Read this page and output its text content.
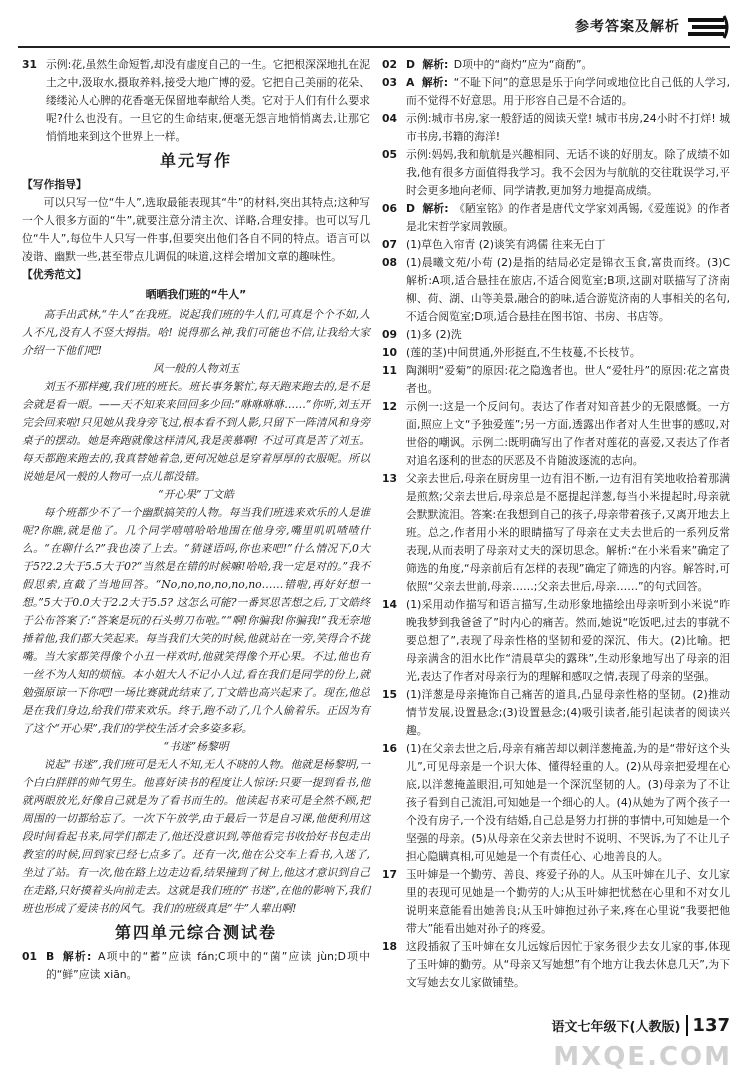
参考答案及解析
31 示例:花,虽然生命短暂,却没有虚度自己的一生。它把根深深地扎在泥土之中,汲取水,摄取养料,接受大地广博的爱。它把自己美丽的花朵、缕缕沁人心脾的花香毫无保留地奉献给人类。它对于人们有什么要求呢?什么也没有。一旦它的生命结束,便毫无怨言地悄悄离去,让那它悄悄地来到这个世界上一样。
单元写作
【写作指导】
可以只写一位“牛人”,选取最能表现其“牛”的材料,突出其特点;这种写一个人很多方面的“牛”,就要注意分清主次、详略,合理安排。也可以写几位“牛人”,每位牛人只写一件事,但要突出他们各自不同的特点。语言可以凌谐、幽默一些,甚至带点儿调侃的味道,这样会增加文章的趣味性。
【优秀范文】
晒晒我们班的“牛人”
高手出武林,“牛人”在我班。说起我们班的牛人们,可真是个个不如,人人不凡,没有人不竖大拇指。哈! 说得那么神,我们可能也不信,让我给大家介绍一下他们吧!
风一般的人物刘玉
刘玉不那样瘦,我们班的班长。班长事务繁忙,每天跑来跑去的,是不是会就是看一眼。——天不知来来回回多少回:“咻咻咻咻……”你听,刘玉开完会回来啦!只见她从我身旁飞过,根本看不到人影,只留下一阵清风和身旁桌子的摆动。她是奔跑就像这样清风,我是羡慕啊! 不过可真是苦了刘玉。每天都跑来跑去的,我真替她着急,更何况她总是穿着厚厚的衣服呢。所以说她是风一般的人物可一点儿都没错。
“开心果”丁文皓
每个班都少不了一个幽默搞笑的人物。每当我们班选来欢乐的人是谁呢?你瞧,就是他了。几个同学嘻嘻哈哈地围在他身旁,嘴里叽叽喳喳什么。“在聊什么?”我也凑了上去。“猜谜语吗,你也来吧!”什么情况下,0大于5?2.2大于5.5大于0?“当然是在错的时候嘛!哈哈,我一定是对的。”我不假思索,直截了当地回答。“No,no,no,no,no,no……错啦,再好好想一想。”5大于0.0大于2.2大于5.5? 这怎么可能?一番冥思苦想之后,丁文皓终于公布答案了:“答案是玩的石头剪刀布啦。”“啊!你骗我!你骗我!”我无奈地捶着他,我们都大笑起来。每当我们大笑的时候,他就站在一旁,笑得合不拢嘴。当大家都笑得像个小丑一样欢时,他就笑得像个开心果。不过,他也有一丝不为人知的烦恼。本小姐大人不记小人过,看在我们是同学的份上,就勉强原谅一下你吧!一场比赛就此结束了,丁文皓也高兴起来了。现在,他总是在我们身边,给我们带来欢乐。终于,跑不动了,几个人偷着乐。正因为有了这个“开心果”,我们的学校生活才会多姿多彩。
“书迷”杨黎明
说起“书迷”,我们班可是无人不知,无人不晓的人物。他就是杨黎明,一个白白胖胖的帅气男生。他喜好读书的程度让人惊讶:只要一提到看书,他就两眼放光,好像自己就是为了看书而生的。他读起书来可是全然不顾,把周围的一切都给忘了。一次下午放学,由于最后一节是自习课,他便利用这段时间看起书来,同学们都走了,他还没意识到,等他看完书收拾好书包走出教室的时候,回到家已经七点多了。还有一次,他在公交车上看书,入迷了,坐过了站。有一次,他在路上边走边看,结果撞到了树上,他这才意识到自己在走路,只好摸着头向前走去。这就是我们班的“书迷”,在他的影响下,我们班也形成了爱读书的风气。我们的班级真是“牛”人辈出啊!
第四单元综合测试卷
01 B 解析: A项中的“蓄”应读 fán;C项中的“菌”应读 jùn;D项中的“鲜”应读 xiān。
02 D 解析: D项中的“商灼”应为“商酌”。
03 A 解析: “不耻下问”的意思是乐于向学问或地位比自己低的人学习,而不觉得不好意思。用于形容自己是不合适的。
04 示例:城市书房,家一般舒适的阅读天堂! 城市书房,24小时不打烊! 城市书房,书籍的海洋!
05 示例:妈妈,我和航航是兴趣相同、无话不谈的好朋友。除了成绩不如我,他有很多方面值得我学习。我不会因为与航航的交往耽误学习,平时会更多地向老师、同学请教,更加努力地提高成绩。
06 D 解析: 《陋室铭》的作者是唐代文学家刘禹锡,《爱莲说》的作者是北宋哲学家周敦颐。
07 (1)草色入帘青 (2)谈笑有鸿儒 往来无白丁
08 (1)晨曦文苑/小苟 (2)是指的结局必定是锦衣玉食,富贵而终。(3)C 解析:A项,适合悬挂在旅店,不适合阅览室;B项,这副对联描写了济南柳、荷、湖、山等美景,融合的韵味,适合游览济南的人事相关的名句,不适合阅览室;D项,适合悬挂在图书馆、书房、书店等。
09 (1)多 (2)洗
10 (莲的茎)中间贯通,外形挺直,不生枝蔓,不长枝节。
11 陶渊明“爱菊”的原因:花之隐逸者也。世人“爱牡丹”的原因:花之富贵者也。
12 示例一:这是一个反问句。表达了作者对知音甚少的无限感慨。一方面,照应上文“予独爱莲”;另一方面,透露出作者对人生世事的感叹,对世俗的嘲讽。示例二:既明确写出了作者对莲花的喜爱,又表达了作者对追名逐利的世态的厌恶及不肯随波逐流的志向。
13 父亲去世后,母亲在厨房里一边有泪不断,一边有泪有笑地收拾着那满是煎熬;父亲去世后,母亲总是不愿提起洋葱,每当小米提起时,母亲就会默默流泪。答案:在我想到自己的孩子,母亲带着孩子,又离开地去上班。总之,作者用小米的眼睛描写了母亲在丈夫去世后的一系列反常表现,从而表明了母亲对丈夫的深切思念。解析:“在小米看来”确定了筛选的角度,“母亲前后有怎样的表现”确定了筛选的内容。解答时,可依照“父亲去世前,母亲……;父亲去世后,母亲……”的句式回答。
14 (1)采用动作描写和语言描写,生动形象地描绘出母亲听到小米说“昨晚我梦到我爸爸了”时内心的痛苦。然而,她说“吃饭吧,过去的事就不要总想了”,表现了母亲性格的坚韧和爱的深沉、伟大。(2)比喻。把母亲满含的泪水比作“清晨草尖的露珠”,生动形象地写出了母亲的泪光,表达了作者对母亲行为的理解和感叹之情,表现了母亲的坚强。
15 (1)洋葱是母亲掩饰自己痛苦的道具,凸显母亲性格的坚韧。(2)推动情节发展,设置悬念;(3)设置悬念;(4)吸引读者,能引起读者的阅读兴趣。
16 (1)在父亲去世之后,母亲有痛苦却以刺洋葱掩盖,为的是“带好这个头儿”,可见母亲是一个识大体、懂得轻重的人。(2)从母亲把爱埋在心底,以洋葱掩盖眼泪,可知她是一个深沉坚韧的人。(3)母亲为了不让孩子看到自己流泪,可知她是一个细心的人。(4)从她为了两个孩子一个没有房子,一个没有结婚,自己总是努力打拼的事情中,可知她是一个坚强的母亲。(5)从母亲在父亲去世时不说明、不哭诉,为了不让儿子担心隐瞒真相,可见她是一个有责任心、心地善良的人。
17 玉叶婶是一个勤劳、善良、疼爱子孙的人。从玉叶婶在儿子、女儿家里的表现可见她是一个勤劳的人;从玉叶婶把忧愁在心里和不对女儿说明来意能看出她善良;从玉叶婶抱过孙子来,疼在心里说“我要把他带大”能看出她对孙子的疼爱。
18 这段插叙了玉叶婶在女儿远嫁后因忙于家务很少去女儿家的事,体现了玉叶婶的勤劳。从“母亲又写她想”有个地方让我去休息几天”,为下文写她去女儿家做铺垫。
语文七年级下(人教版) 137
MXQE.COM
